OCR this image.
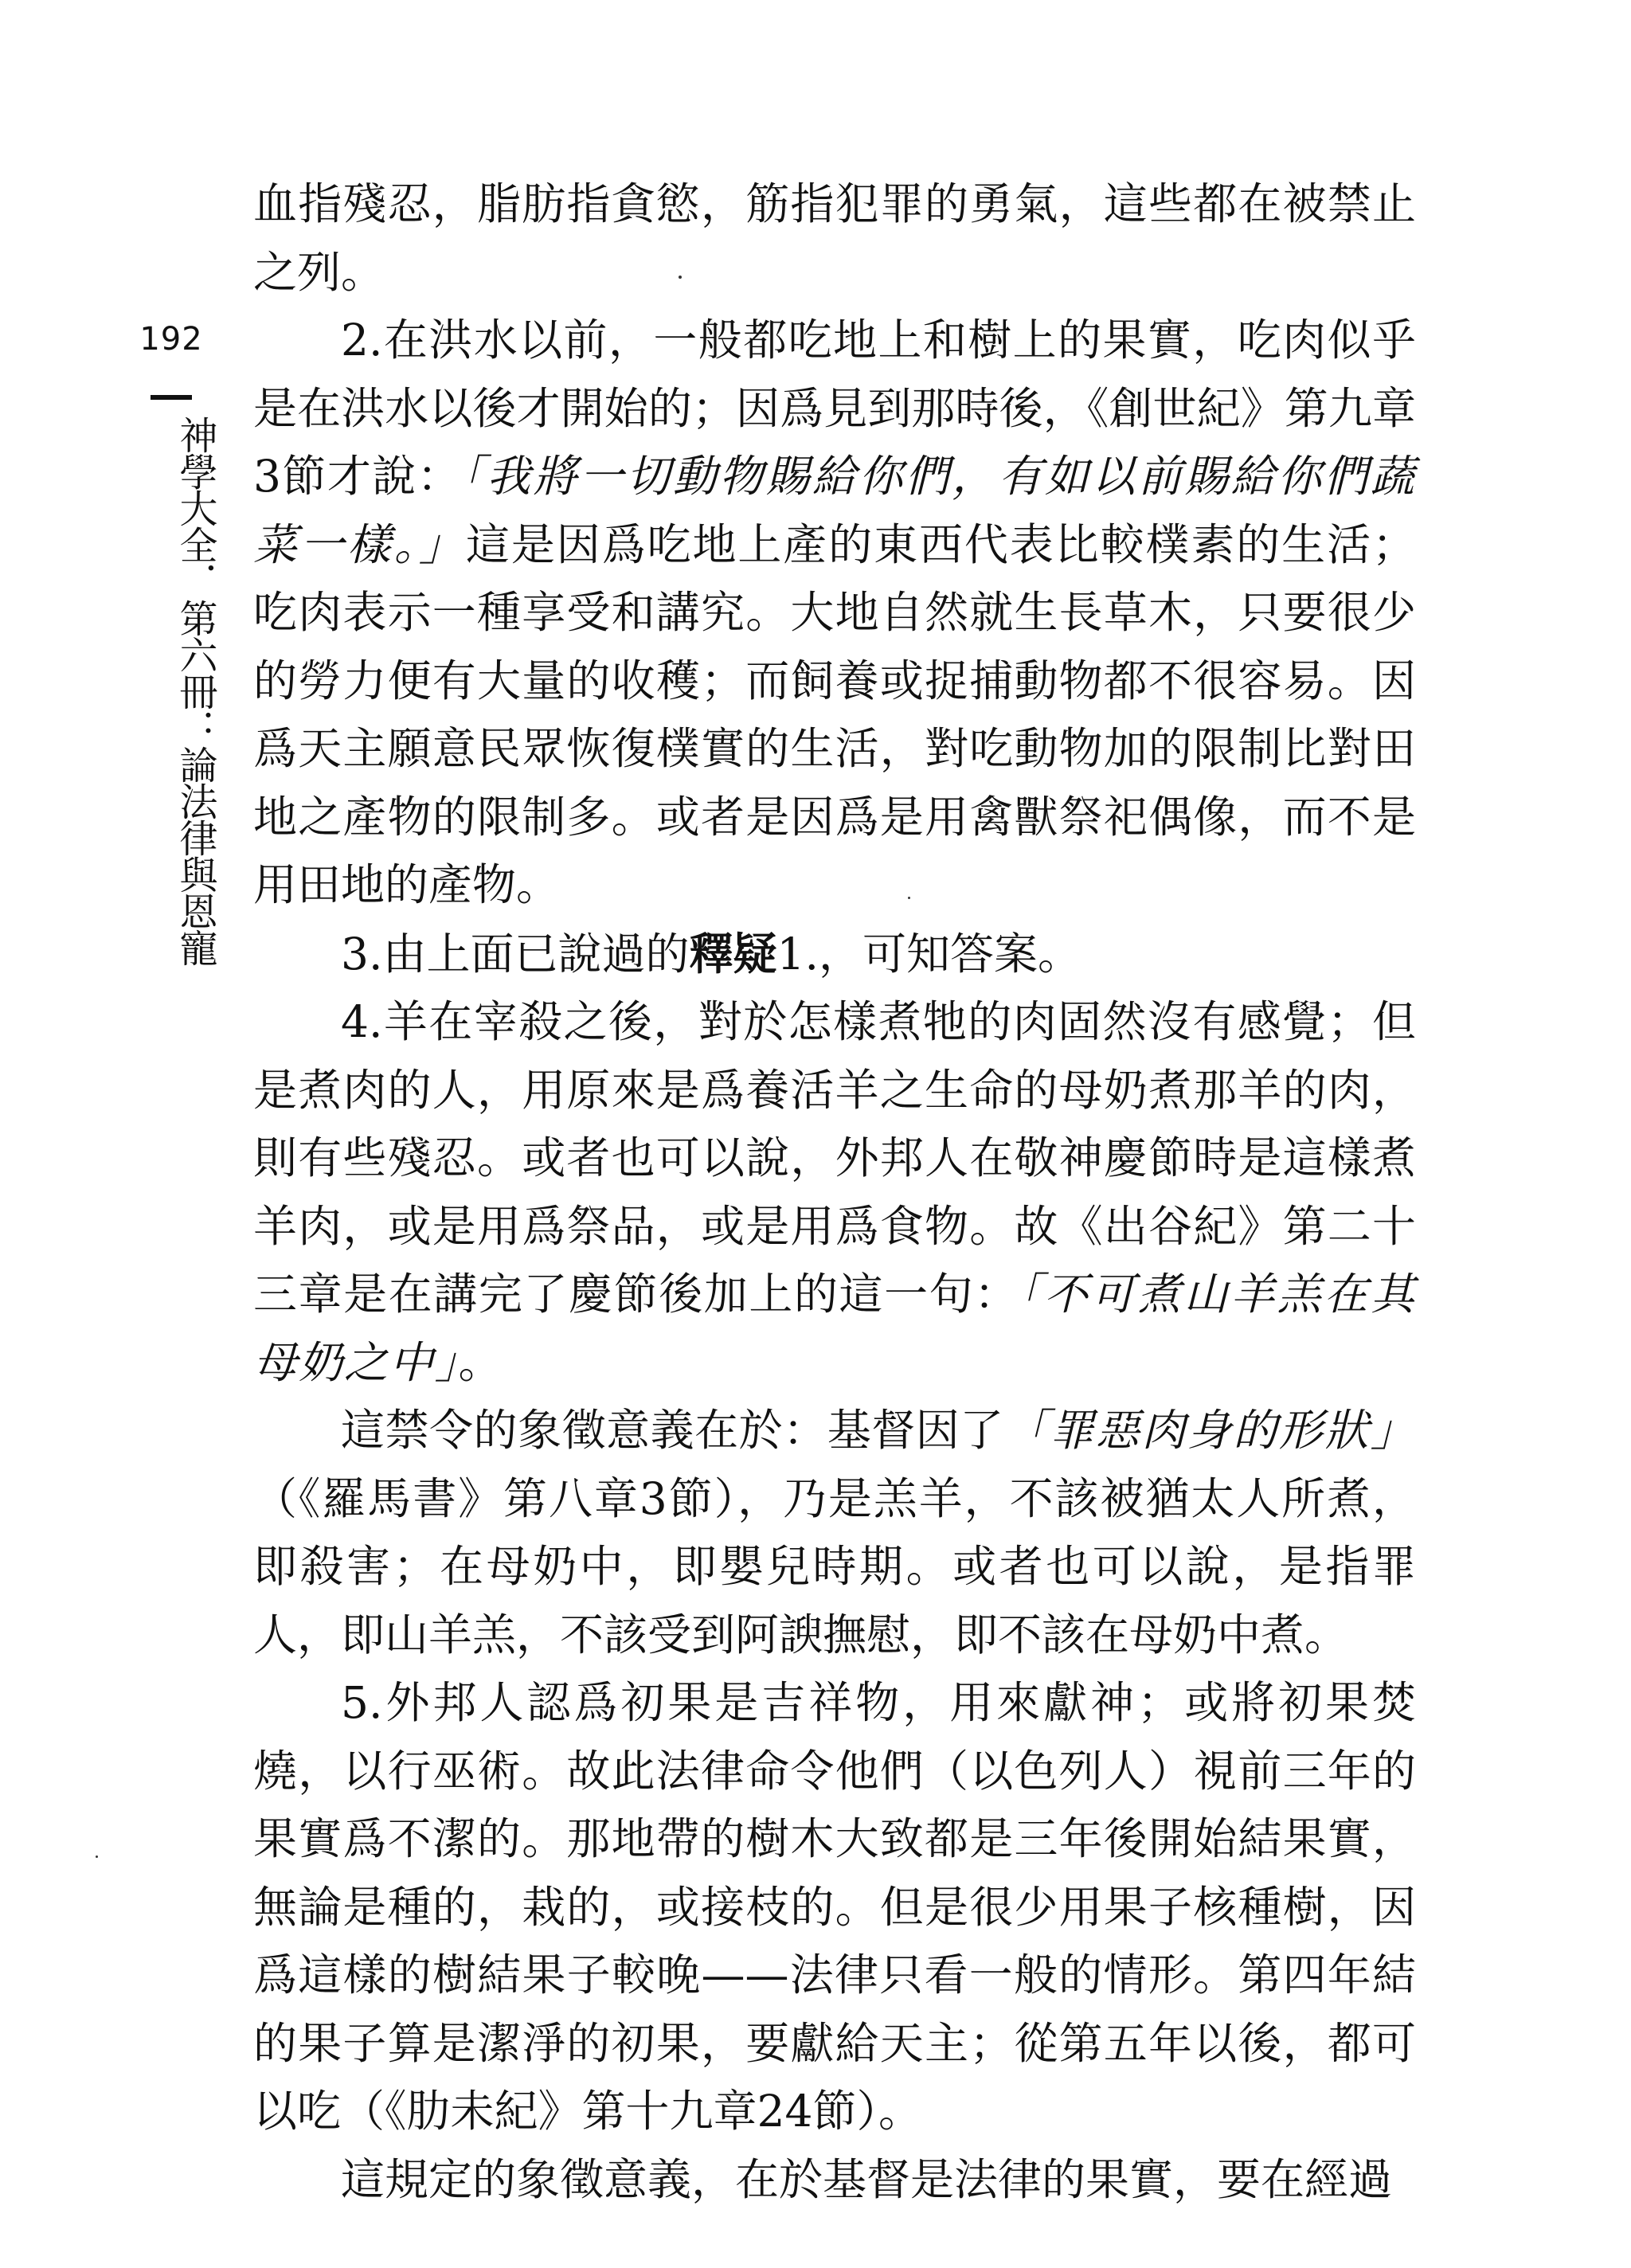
192
神學大全．第六冊：論法律與恩寵

血指殘忍，脂肪指貪慾，筋指犯罪的勇氣，這些都在被禁止之列。

2.在洪水以前，一般都吃地上和樹上的果實，吃肉似乎是在洪水以後才開始的；因爲見到那時後，《創世紀》第九章3節才說：「我將一切動物賜給你們，有如以前賜給你們蔬菜一樣。」這是因爲吃地上產的東西代表比較樸素的生活；吃肉表示一種享受和講究。大地自然就生長草木，只要很少的勞力便有大量的收穫；而飼養或捉捕動物都不很容易。因爲天主願意民眾恢復樸實的生活，對吃動物加的限制比對田地之產物的限制多。或者是因爲是用禽獸祭祀偶像，而不是用田地的產物。

3.由上面已說過的釋疑1.，可知答案。

4.羊在宰殺之後，對於怎樣煮牠的肉固然沒有感覺；但是煮肉的人，用原來是爲養活羊之生命的母奶煮那羊的肉，則有些殘忍。或者也可以說，外邦人在敬神慶節時是這樣煮羊肉，或是用爲祭品，或是用爲食物。故《出谷紀》第二十三章是在講完了慶節後加上的這一句：「不可煮山羊羔在其母奶之中」。

這禁令的象徵意義在於：基督因了「罪惡肉身的形狀」（《羅馬書》第八章3節），乃是羔羊，不該被猶太人所煮，即殺害；在母奶中，即嬰兒時期。或者也可以說，是指罪人，即山羊羔，不該受到阿諛撫慰，即不該在母奶中煮。

5.外邦人認爲初果是吉祥物，用來獻神；或將初果焚燒，以行巫術。故此法律命令他們（以色列人）視前三年的果實爲不潔的。那地帶的樹木大致都是三年後開始結果實，無論是種的，栽的，或接枝的。但是很少用果子核種樹，因爲這樣的樹結果子較晚——法律只看一般的情形。第四年結的果子算是潔淨的初果，要獻給天主；從第五年以後，都可以吃（《肋未紀》第十九章24節）。

這規定的象徵意義，在於基督是法律的果實，要在經過
